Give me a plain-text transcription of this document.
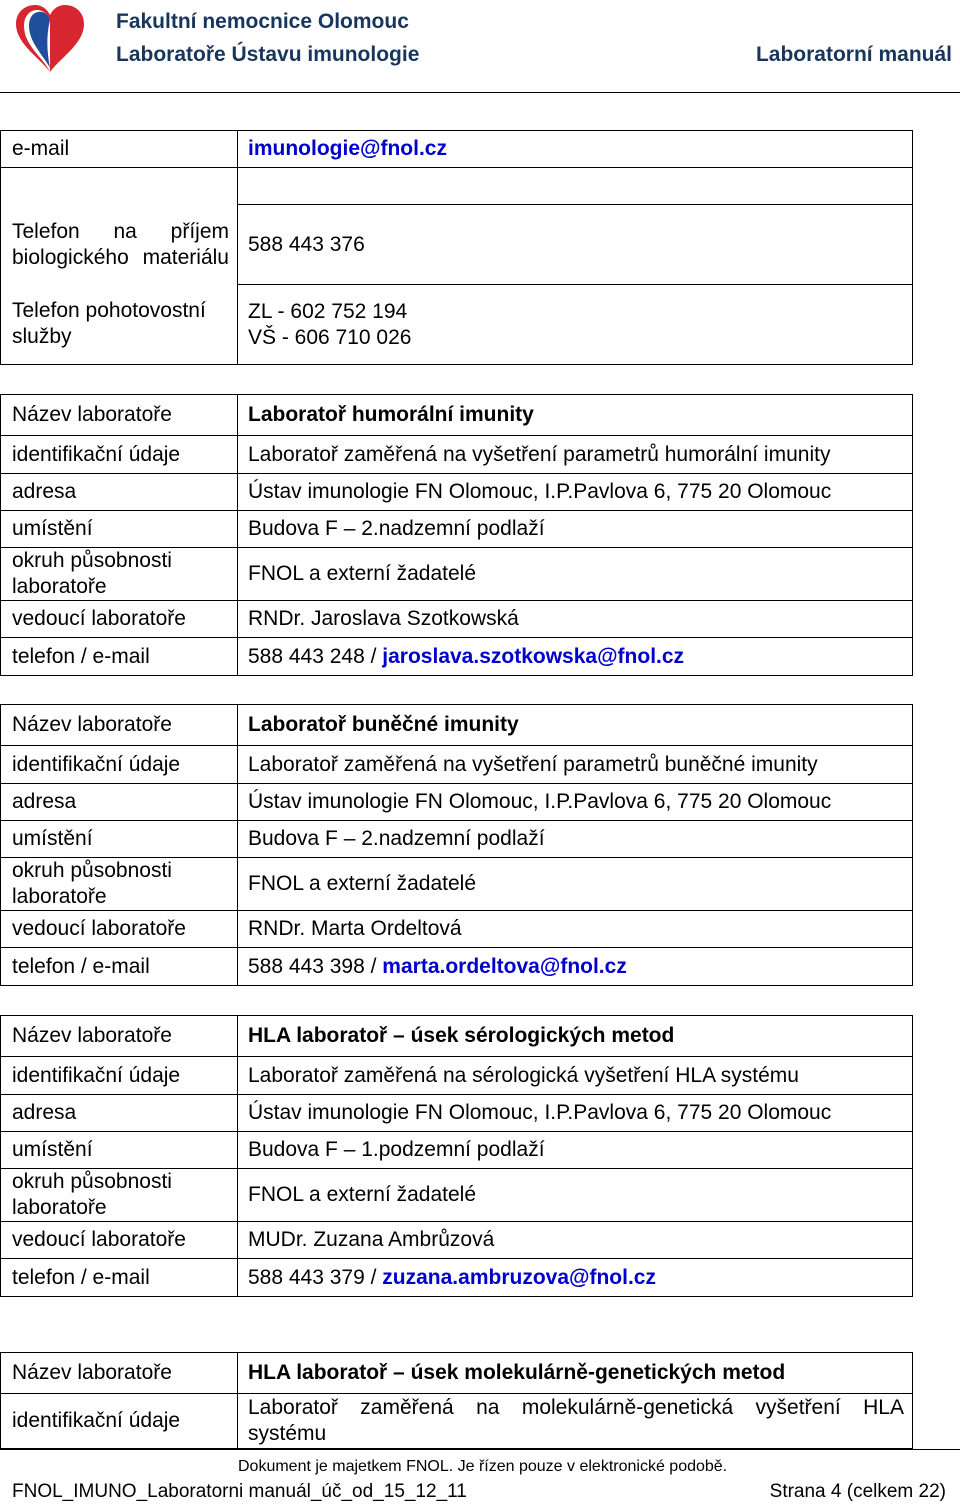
Fakultní nemocnice Olomouc
Laboratoře Ústavu imunologie	Laboratorní manuál
e-mail	imunologie@fnol.cz

Telefon na příjem biologického materiálu	588 443 376
Telefon pohotovostní služby	ZL - 602 752 194
VŠ - 606 710 026
Název laboratoře	Laboratoř humorální imunity
identifikační údaje	Laboratoř zaměřená na vyšetření parametrů humorální imunity
adresa	Ústav imunologie FN Olomouc, I.P.Pavlova 6, 775 20 Olomouc
umístění	Budova F – 2.nadzemní podlaží
okruh působnosti laboratoře	FNOL a externí žadatelé
vedoucí laboratoře	RNDr. Jaroslava Szotkowská
telefon / e-mail	588 443 248 / jaroslava.szotkowska@fnol.cz
Název laboratoře	Laboratoř buněčné imunity
identifikační údaje	Laboratoř zaměřená na vyšetření parametrů buněčné imunity
adresa	Ústav imunologie FN Olomouc, I.P.Pavlova 6, 775 20 Olomouc
umístění	Budova F – 2.nadzemní podlaží
okruh působnosti laboratoře	FNOL a externí žadatelé
vedoucí laboratoře	RNDr. Marta Ordeltová
telefon / e-mail	588 443 398 / marta.ordeltova@fnol.cz
Název laboratoře	HLA laboratoř – úsek sérologických metod
identifikační údaje	Laboratoř zaměřená na sérologická vyšetření HLA systému
adresa	Ústav imunologie FN Olomouc, I.P.Pavlova 6, 775 20 Olomouc
umístění	Budova F – 1.podzemní podlaží
okruh působnosti laboratoře	FNOL a externí žadatelé
vedoucí laboratoře	MUDr. Zuzana Ambrůzová
telefon / e-mail	588 443 379 / zuzana.ambruzova@fnol.cz
Název laboratoře	HLA laboratoř – úsek molekulárně-genetických metod
identifikační údaje	Laboratoř zaměřená na molekulárně-genetická vyšetření HLA
systému
Dokument je majetkem FNOL. Je řízen pouze v elektronické podobě.
FNOL_IMUNO_Laboratorni manuál_úč_od_15_12_11	Strana 4 (celkem 22)
